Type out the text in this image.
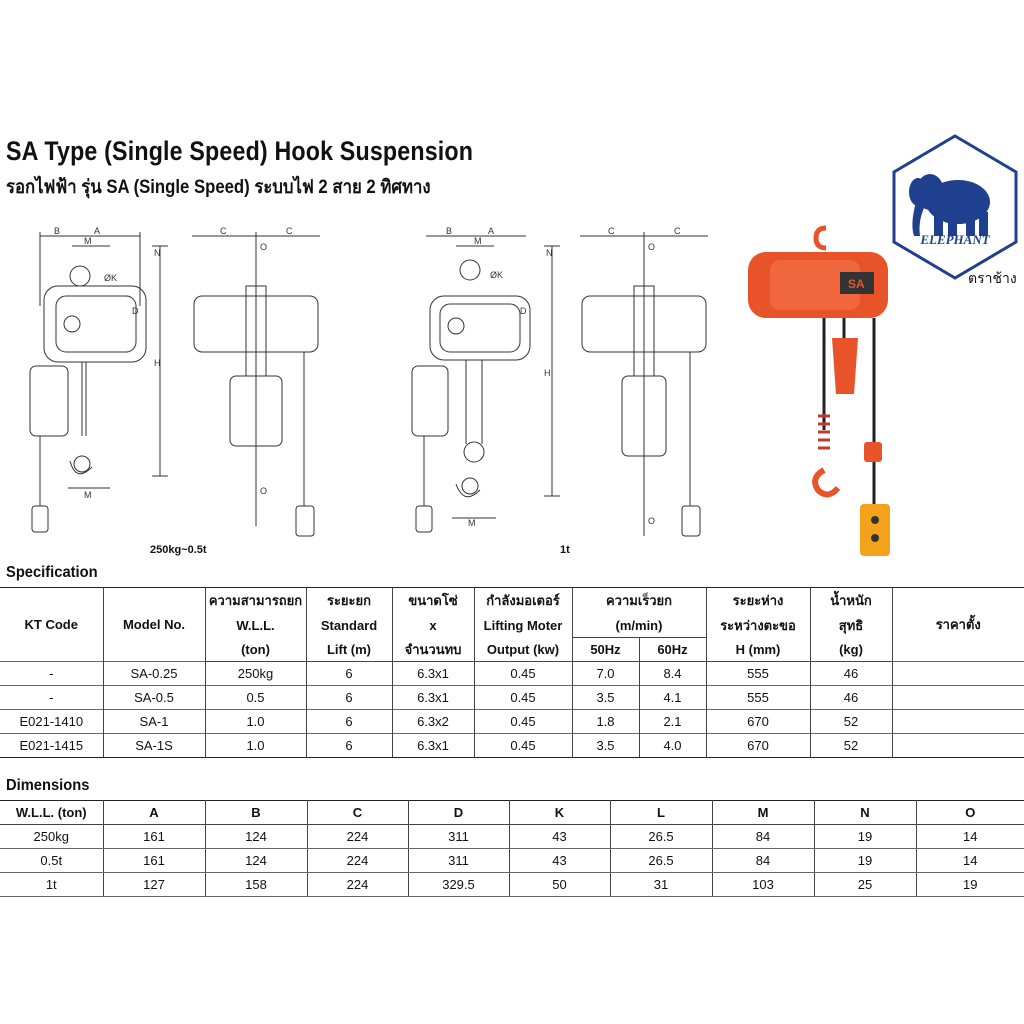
SA Type (Single Speed) Hook Suspension
รอกไฟฟ้า รุ่น SA (Single Speed) ระบบไฟ 2 สาย 2 ทิศทาง
ELEPHANT
ตราช้าง
B	A
M
H
D
ØK
M
N
C	C
O
O
B	A
M
H
D
ØK
M
N
C	C
O
O
250kg~0.5t	1t
SA
Specification
KT Code	Model No.	ความสามารถยก	ระยะยก	ขนาดโซ่	กำลังมอเตอร์	ความเร็วยก		ระยะห่าง	น้ำหนัก	ราคาตั้ง
		W.L.L.	Standard	x	Lifting Moter	(m/min)		ระหว่างตะขอ	สุทธิ	
		(ton)	Lift (m)	จำนวนทบ	Output (kw)	50Hz	60Hz	H (mm)	(kg)	
-	SA-0.25	250kg	6	6.3x1	0.45	7.0	8.4	555	46	
-	SA-0.5	0.5	6	6.3x1	0.45	3.5	4.1	555	46	
E021-1410	SA-1	1.0	6	6.3x2	0.45	1.8	2.1	670	52	
E021-1415	SA-1S	1.0	6	6.3x1	0.45	3.5	4.0	670	52	
Dimensions
W.L.L. (ton)	A	B	C	D	K	L	M	N	O
250kg	161	124	224	311	43	26.5	84	19	14
0.5t	161	124	224	311	43	26.5	84	19	14
1t	127	158	224	329.5	50	31	103	25	19
